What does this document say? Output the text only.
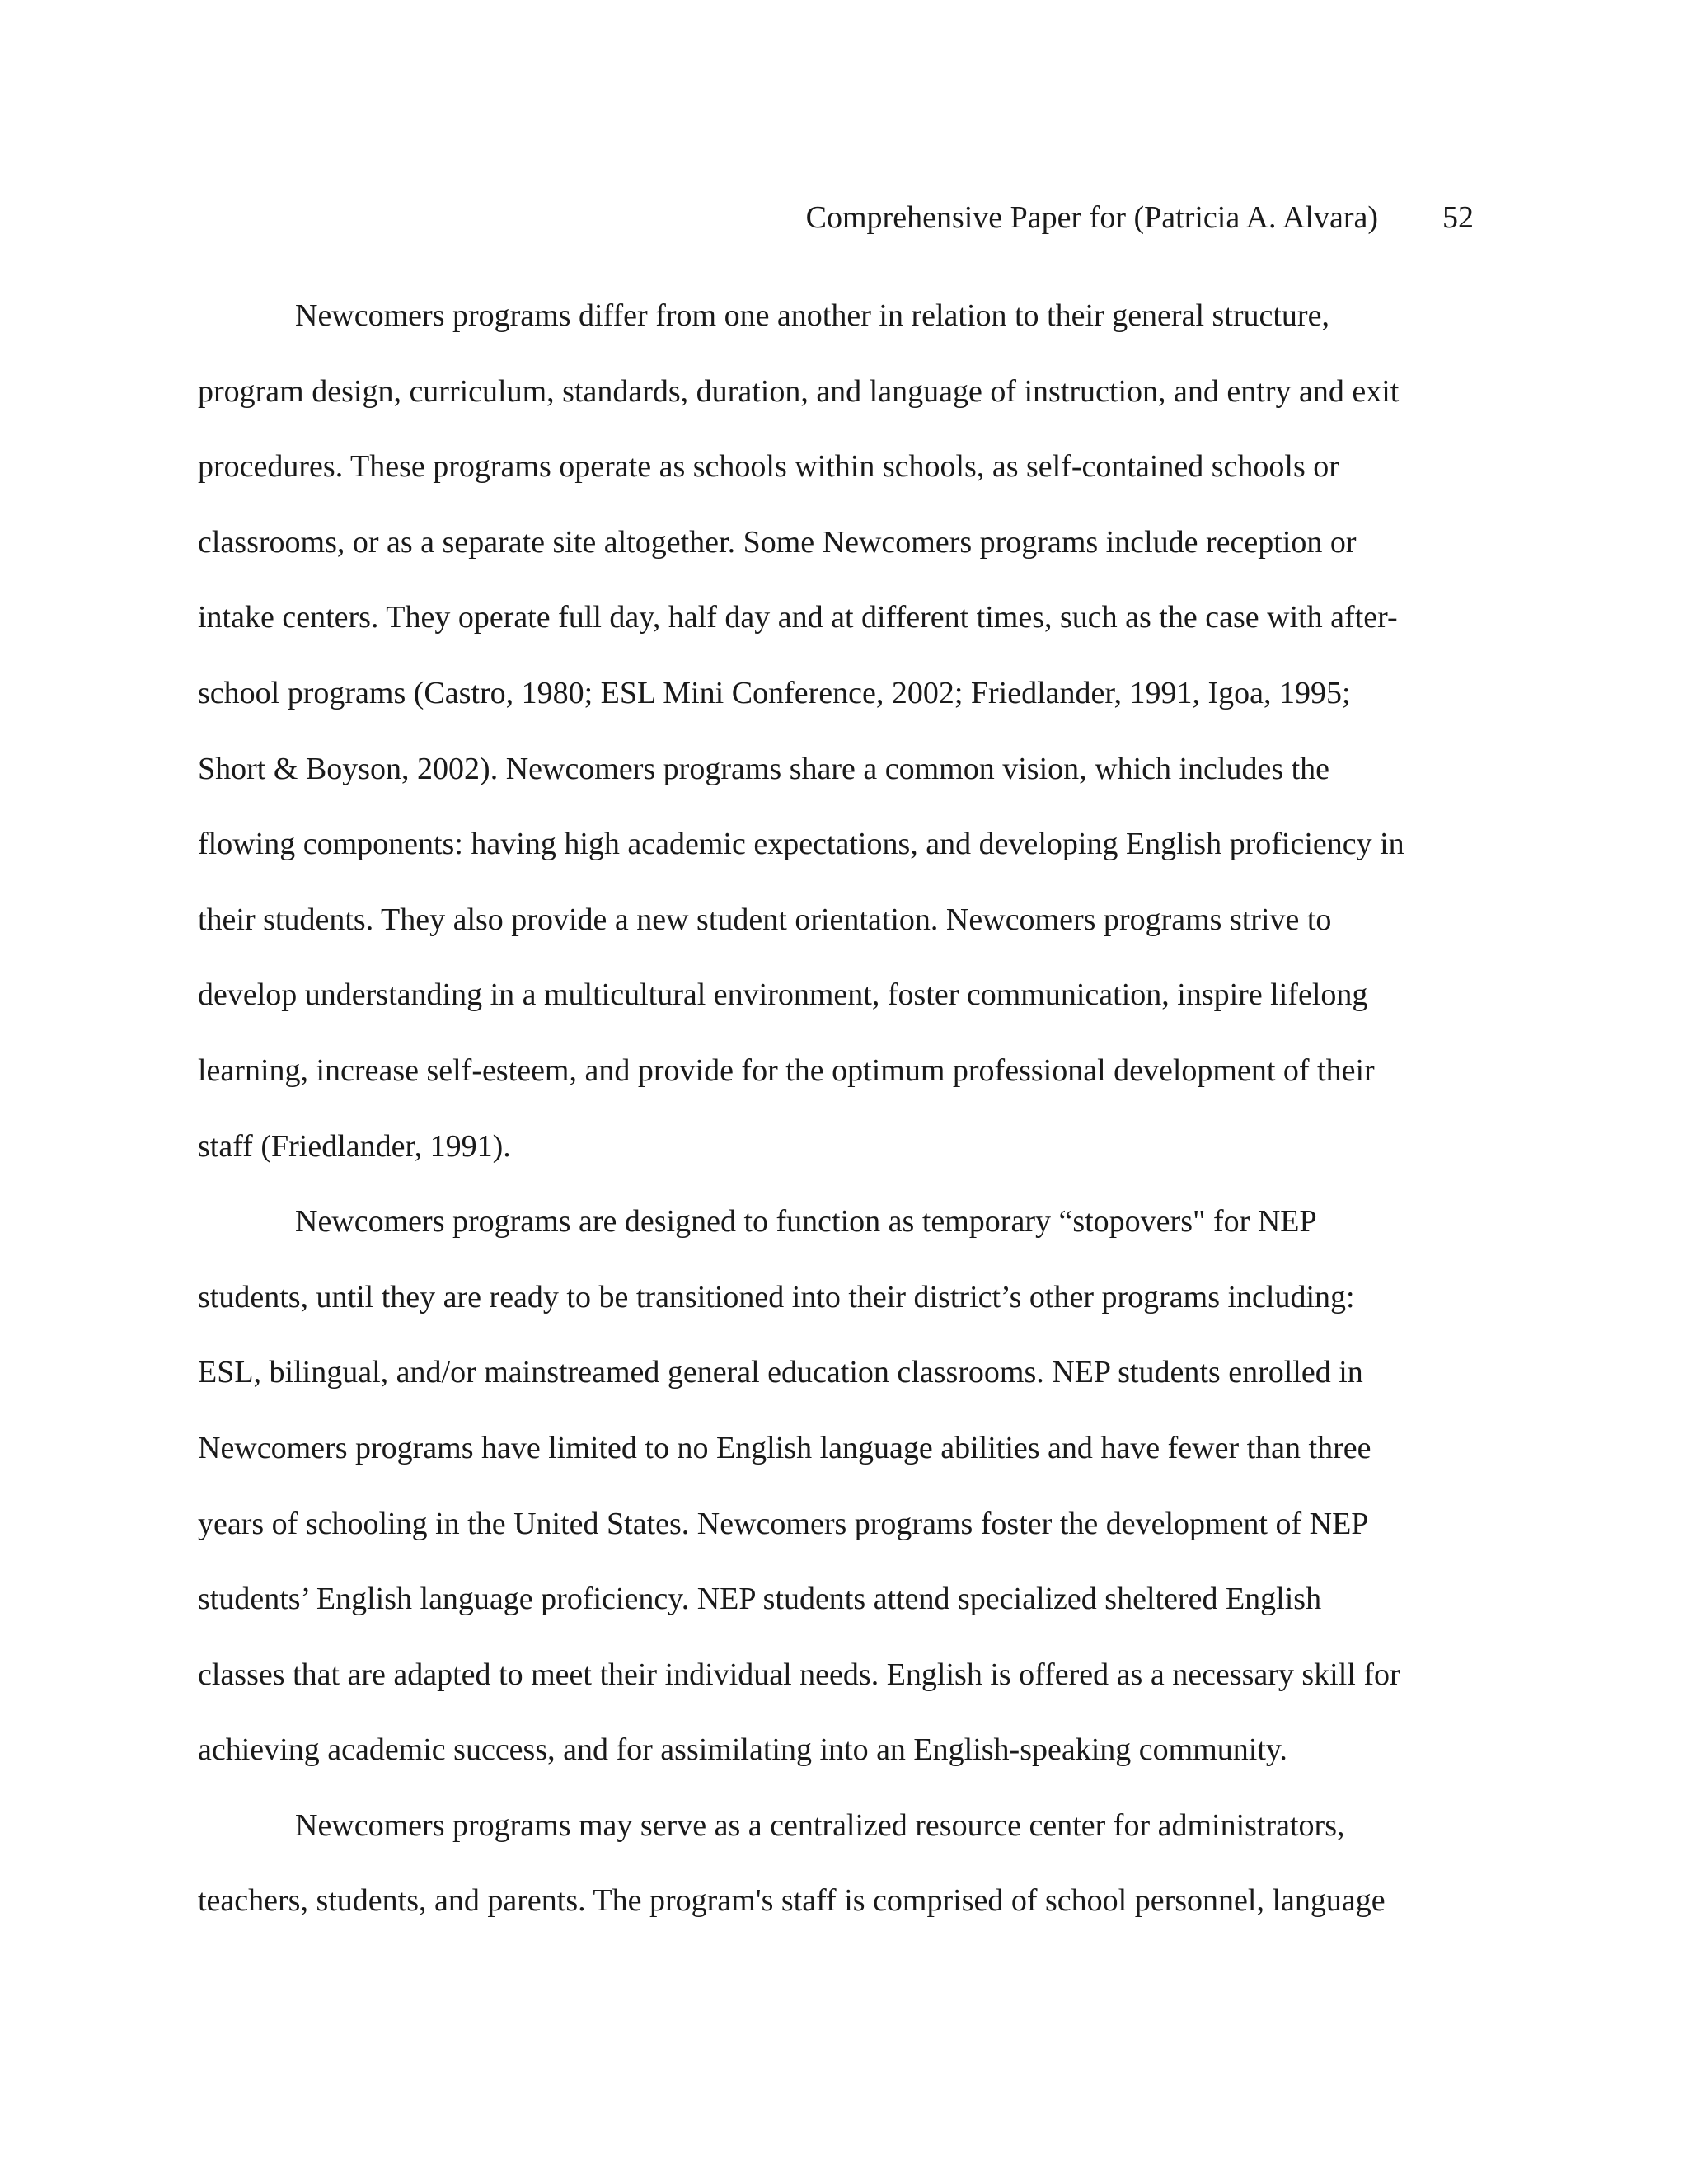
Comprehensive Paper for (Patricia A. Alvara) 52
Newcomers programs differ from one another in relation to their general structure,
program design, curriculum, standards, duration, and language of instruction, and entry and exit
procedures. These programs operate as schools within schools, as self-contained schools or
classrooms, or as a separate site altogether. Some Newcomers programs include reception or
intake centers. They operate full day, half day and at different times, such as the case with after-
school programs (Castro, 1980; ESL Mini Conference, 2002; Friedlander, 1991, Igoa, 1995;
Short & Boyson, 2002). Newcomers programs share a common vision, which includes the
flowing components: having high academic expectations, and developing English proficiency in
their students. They also provide a new student orientation. Newcomers programs strive to
develop understanding in a multicultural environment, foster communication, inspire lifelong
learning, increase self-esteem, and provide for the optimum professional development of their
staff (Friedlander, 1991).
Newcomers programs are designed to function as temporary “stopovers" for NEP
students, until they are ready to be transitioned into their district’s other programs including:
ESL, bilingual, and/or mainstreamed general education classrooms. NEP students enrolled in
Newcomers programs have limited to no English language abilities and have fewer than three
years of schooling in the United States. Newcomers programs foster the development of NEP
students’ English language proficiency. NEP students attend specialized sheltered English
classes that are adapted to meet their individual needs. English is offered as a necessary skill for
achieving academic success, and for assimilating into an English-speaking community.
Newcomers programs may serve as a centralized resource center for administrators,
teachers, students, and parents. The program's staff is comprised of school personnel, language
